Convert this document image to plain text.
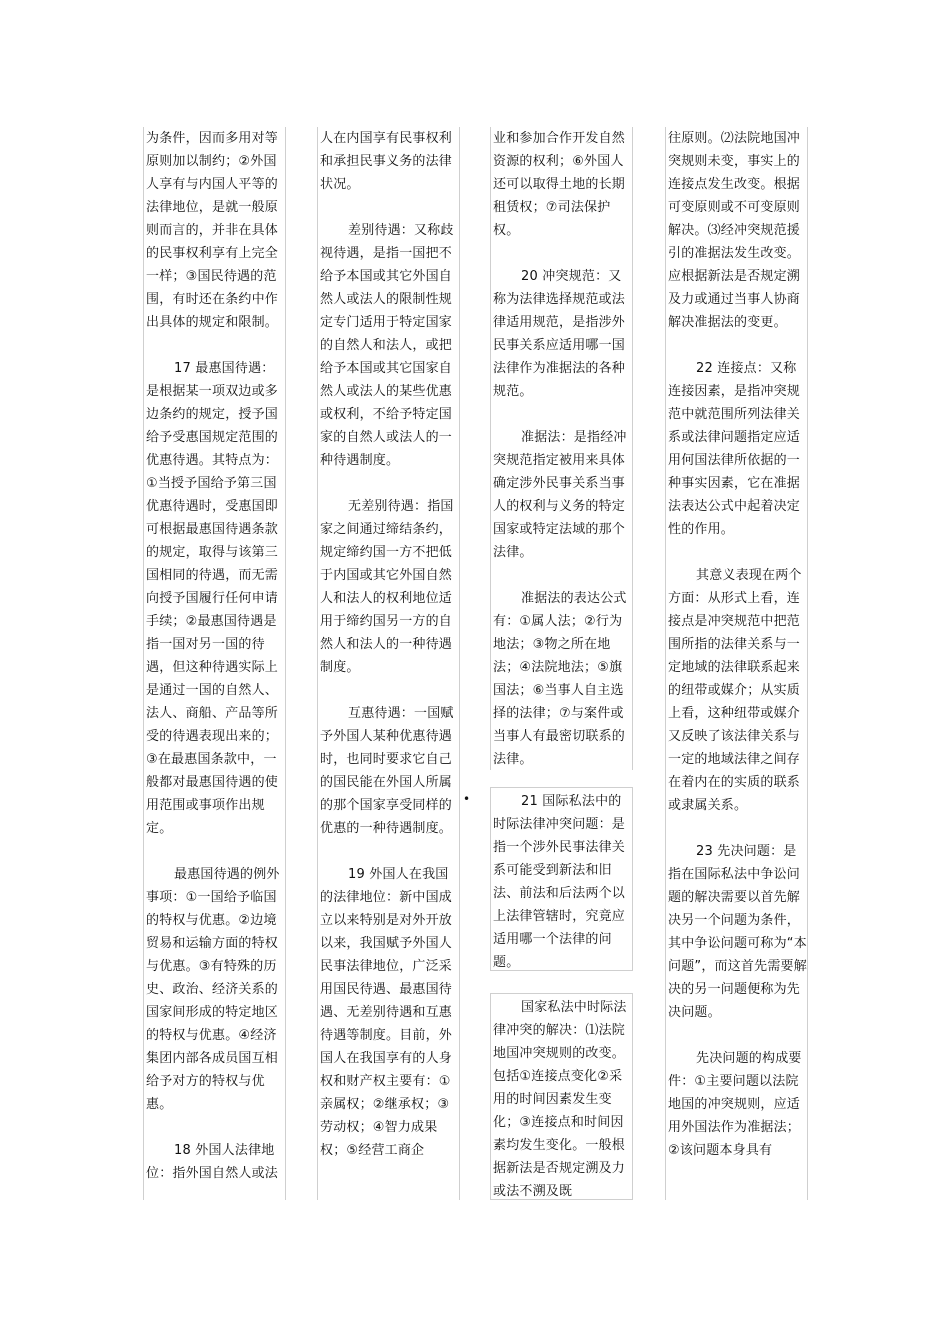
为条件，因而多用对等原则加以制约；②外国人享有与内国人平等的法律地位，是就一般原则而言的，并非在具体的民事权利享有上完全一样；③国民待遇的范围，有时还在条约中作出具体的规定和限制。

17 最惠国待遇：是根据某一项双边或多边条约的规定，授予国给予受惠国规定范围的优惠待遇。其特点为：①当授予国给予第三国优惠待遇时，受惠国即可根据最惠国待遇条款的规定，取得与该第三国相同的待遇，而无需向授予国履行任何申请手续；②最惠国待遇是指一国对另一国的待遇，但这种待遇实际上是通过一国的自然人、法人、商船、产品等所受的待遇表现出来的；③在最惠国条款中，一般都对最惠国待遇的使用范围或事项作出规定。

最惠国待遇的例外事项：①一国给予临国的特权与优惠。②边境贸易和运输方面的特权与优惠。③有特殊的历史、政治、经济关系的国家间形成的特定地区的特权与优惠。④经济集团内部各成员国互相给予对方的特权与优惠。

18 外国人法律地位：指外国自然人或法

人在内国享有民事权利和承担民事义务的法律状况。

差别待遇：又称歧视待遇，是指一国把不给予本国或其它外国自然人或法人的限制性规定专门适用于特定国家的自然人和法人，或把给予本国或其它国家自然人或法人的某些优惠或权利，不给予特定国家的自然人或法人的一种待遇制度。

无差别待遇：指国家之间通过缔结条约，规定缔约国一方不把低于内国或其它外国自然人和法人的权利地位适用于缔约国另一方的自然人和法人的一种待遇制度。

互惠待遇：一国赋予外国人某种优惠待遇时，也同时要求它自己的国民能在外国人所属的那个国家享受同样的优惠的一种待遇制度。

19 外国人在我国的法律地位：新中国成立以来特别是对外开放以来，我国赋予外国人民事法律地位，广泛采用国民待遇、最惠国待遇、无差别待遇和互惠待遇等制度。目前，外国人在我国享有的人身权和财产权主要有：①亲属权；②继承权；③劳动权；④智力成果权；⑤经营工商企

业和参加合作开发自然资源的权利；⑥外国人还可以取得土地的长期租赁权；⑦司法保护权。

20 冲突规范：又称为法律选择规范或法律适用规范，是指涉外民事关系应适用哪一国法律作为准据法的各种规范。

准据法：是指经冲突规范指定被用来具体确定涉外民事关系当事人的权利与义务的特定国家或特定法域的那个法律。

准据法的表达公式有：①属人法；②行为地法；③物之所在地法；④法院地法；⑤旗国法；⑥当事人自主选择的法律；⑦与案件或当事人有最密切联系的法律。

•	21 国际私法中的时际法律冲突问题：是指一个涉外民事法律关系可能受到新法和旧法、前法和后法两个以上法律管辖时，究竟应适用哪一个法律的问题。

国家私法中时际法律冲突的解决：⑴法院地国冲突规则的改变。包括①连接点变化②采用的时间因素发生变化；③连接点和时间因素均发生变化。一般根据新法是否规定溯及力或法不溯及既

往原则。⑵法院地国冲突规则未变，事实上的连接点发生改变。根据可变原则或不可变原则解决。⑶经冲突规范援引的准据法发生改变。应根据新法是否规定溯及力或通过当事人协商解决准据法的变更。

22 连接点：又称连接因素，是指冲突规范中就范围所列法律关系或法律问题指定应适用何国法律所依据的一种事实因素，它在准据法表达公式中起着决定性的作用。

其意义表现在两个方面：从形式上看，连接点是冲突规范中把范围所指的法律关系与一定地域的法律联系起来的纽带或媒介；从实质上看，这种纽带或媒介又反映了该法律关系与一定的地域法律之间存在着内在的实质的联系或隶属关系。

23 先决问题：是指在国际私法中争讼问题的解决需要以首先解决另一个问题为条件，其中争讼问题可称为“本问题”，而这首先需要解决的另一问题便称为先决问题。

先决问题的构成要件：①主要问题以法院地国的冲突规则，应适用外国法作为准据法；②该问题本身具有
